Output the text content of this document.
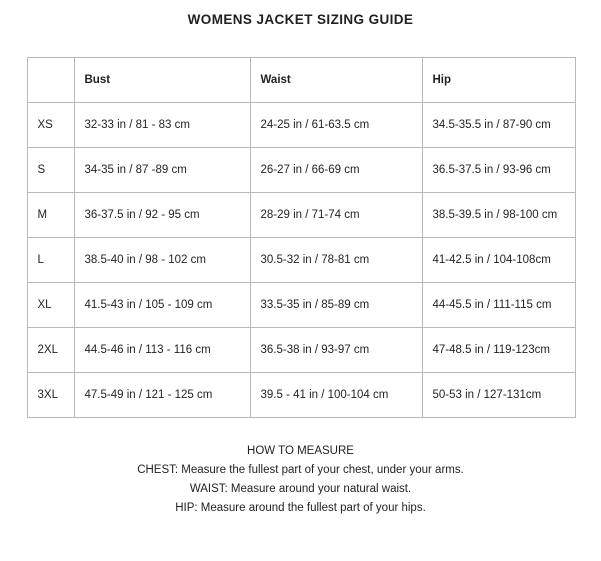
WOMENS JACKET SIZING GUIDE
	Bust	Waist	Hip
XS	32-33 in / 81 - 83 cm	24-25 in / 61-63.5 cm	34.5-35.5 in / 87-90 cm
S	34-35 in / 87 -89 cm	26-27 in / 66-69 cm	36.5-37.5 in / 93-96 cm
M	36-37.5 in / 92 - 95 cm	28-29 in / 71-74 cm	38.5-39.5 in / 98-100 cm
L	38.5-40 in / 98 - 102 cm	30.5-32 in / 78-81 cm	41-42.5 in / 104-108cm
XL	41.5-43 in / 105 - 109 cm	33.5-35 in / 85-89 cm	44-45.5 in / 111-115 cm
2XL	44.5-46 in / 113 - 116 cm	36.5-38 in / 93-97 cm	47-48.5 in / 119-123cm
3XL	47.5-49 in / 121 - 125 cm	39.5 - 41 in / 100-104 cm	50-53 in / 127-131cm
HOW TO MEASURE
CHEST: Measure the fullest part of your chest, under your arms.
WAIST: Measure around your natural waist.
HIP: Measure around the fullest part of your hips.
